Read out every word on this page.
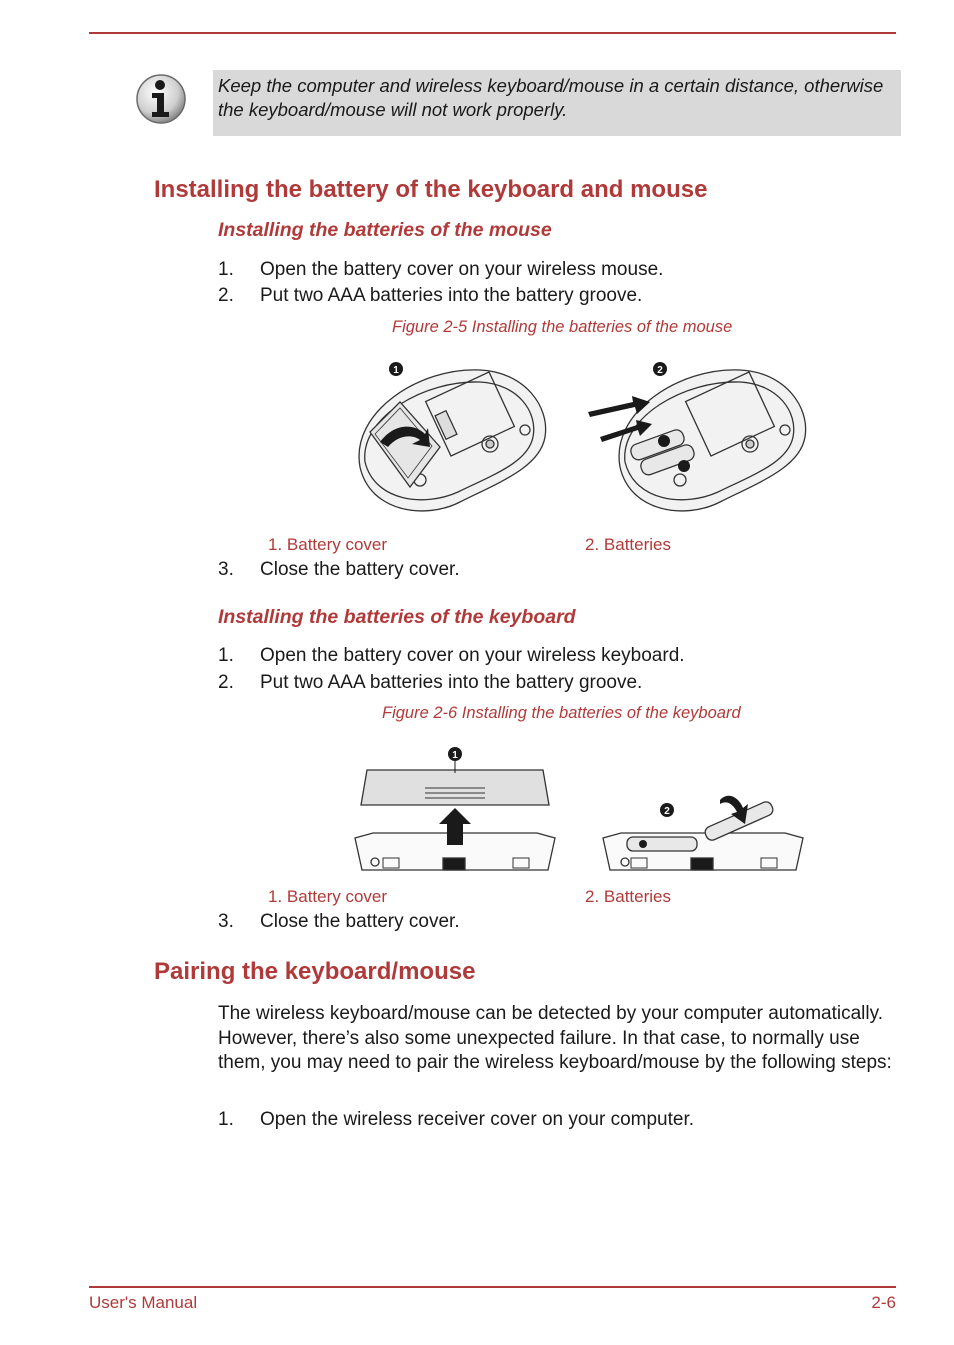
Keep the computer and wireless keyboard/mouse in a certain distance, otherwise the keyboard/mouse will not work properly.
Installing the battery of the keyboard and mouse
Installing the batteries of the mouse
1. Open the battery cover on your wireless mouse.
2. Put two AAA batteries into the battery groove.
Figure 2-5 Installing the batteries of the mouse
1	2
1. Battery cover	2. Batteries
3. Close the battery cover.
Installing the batteries of the keyboard
1. Open the battery cover on your wireless keyboard.
2. Put two AAA batteries into the battery groove.
Figure 2-6 Installing the batteries of the keyboard
1
2
1. Battery cover	2. Batteries
3. Close the battery cover.
Pairing the keyboard/mouse
The wireless keyboard/mouse can be detected by your computer automatically. However, there’s also some unexpected failure. In that case, to normally use them, you may need to pair the wireless keyboard/mouse by the following steps:
1. Open the wireless receiver cover on your computer.
User's Manual	2-6
